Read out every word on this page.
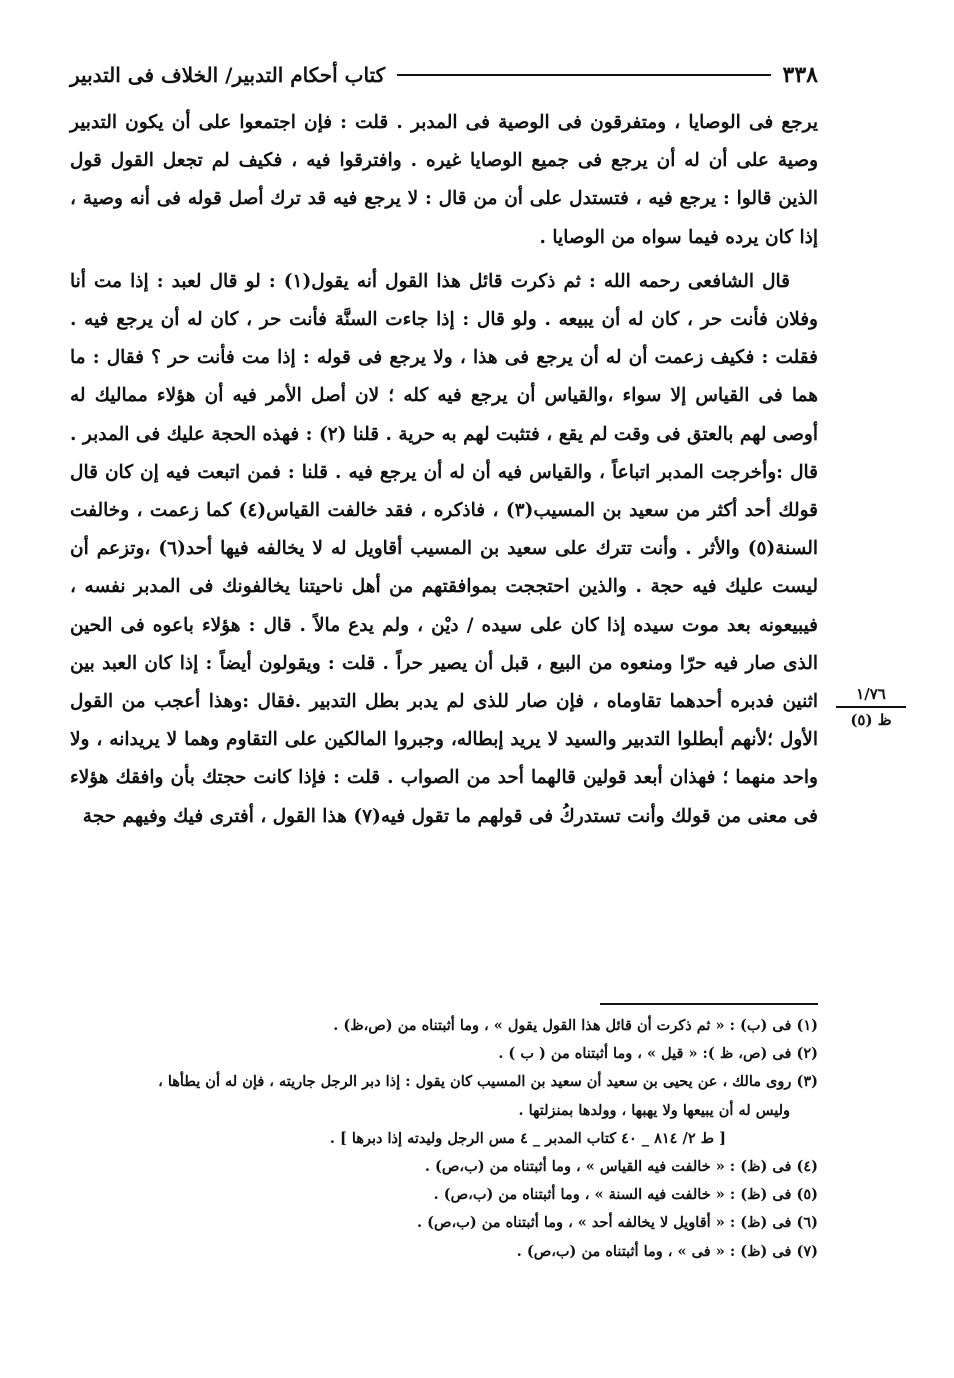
٣٣٨
كتاب أحكام التدبير/ الخلاف فى التدبير

يرجع فى الوصايا ، ومتفرقون فى الوصية فى المدبر . قلت : فإن اجتمعوا على أن يكون التدبير وصية على أن له أن يرجع فى جميع الوصايا غيره . وافترقوا فيه ، فكيف لم تجعل القول قول الذين قالوا : يرجع فيه ، فتستدل على أن من قال : لا يرجع فيه قد ترك أصل قوله فى أنه وصية ، إذا كان يرده فيما سواه من الوصايا .

قال الشافعى رحمه الله : ثم ذكرت قائل هذا القول أنه يقول(١) : لو قال لعبد : إذا مت أنا وفلان فأنت حر ، كان له أن يبيعه . ولو قال : إذا جاءت السنَّة فأنت حر ، كان له أن يرجع فيه . فقلت : فكيف زعمت أن له أن يرجع فى هذا ، ولا يرجع فى قوله : إذا مت فأنت حر ؟ فقال : ما هما فى القياس إلا سواء ،والقياس أن يرجع فيه كله ؛ لان أصل الأمر فيه أن هؤلاء مماليك له أوصى لهم بالعتق فى وقت لم يقع ، فتثبت لهم به حرية . قلنا (٢) : فهذه الحجة عليك فى المدبر . قال :وأخرجت المدبر اتباعاً ، والقياس فيه أن له أن يرجع فيه . قلنا : فمن اتبعت فيه إن كان قال قولك أحد أكثر من سعيد بن المسيب(٣) ، فاذكره ، فقد خالفت القياس(٤) كما زعمت ، وخالفت السنة(٥) والأثر . وأنت تترك على سعيد بن المسيب أقاويل له لا يخالفه فيها أحد(٦) ،وتزعم أن ليست عليك فيه حجة . والذين احتججت بموافقتهم من أهل ناحيتنا يخالفونك فى المدبر نفسه ، فيبيعونه بعد موت سيده إذا كان على سيده / ديْن ، ولم يدع مالاً . قال : هؤلاء باعوه فى الحين الذى صار فيه حرّا ومنعوه من البيع ، قبل أن يصير حراً . قلت : ويقولون أيضاً : إذا كان العبد بين اثنين فدبره أحدهما تقاوماه ، فإن صار للذى لم يدبر بطل التدبير .فقال :وهذا أعجب من القول الأول ؛لأنهم أبطلوا التدبير والسيد لا يريد إبطاله، وجبروا المالكين على التقاوم وهما لا يريدانه ، ولا واحد منهما ؛ فهذان أبعد قولين قالهما أحد من الصواب . قلت : فإذا كانت حجتك بأن وافقك هؤلاء فى معنى من قولك وأنت تستدركُ فى قولهم ما تقول فيه(٧) هذا القول ، أفترى فيك وفيهم حجة

١/٧٦
ظ (٥)
(١) فى (ب) : « ثم ذكرت أن قائل هذا القول يقول » ، وما أثبتناه من (ص،ظ) .
(٢) فى (ص، ظ ): « قيل » ، وما أثبتناه من ( ب ) .
(٣) روى مالك ، عن يحيى بن سعيد أن سعيد بن المسيب كان يقول : إذا دبر الرجل جاريته ، فإن له أن يطأها ،
وليس له أن يبيعها ولا يهبها ، وولدها بمنزلتها .
[ ط ٢/ ٨١٤ _ ٤٠ كتاب المدبر _ ٤ مس الرجل وليدته إذا دبرها ] .
(٤) فى (ظ) : « خالفت فيه القياس » ، وما أثبتناه من (ب،ص) .
(٥) فى (ظ) : « خالفت فيه السنة » ، وما أثبتناه من (ب،ص) .
(٦) فى (ظ) : « أقاويل لا يخالفه أحد » ، وما أثبتناه من (ب،ص) .
(٧) فى (ظ) : « فى » ، وما أثبتناه من (ب،ص) .
